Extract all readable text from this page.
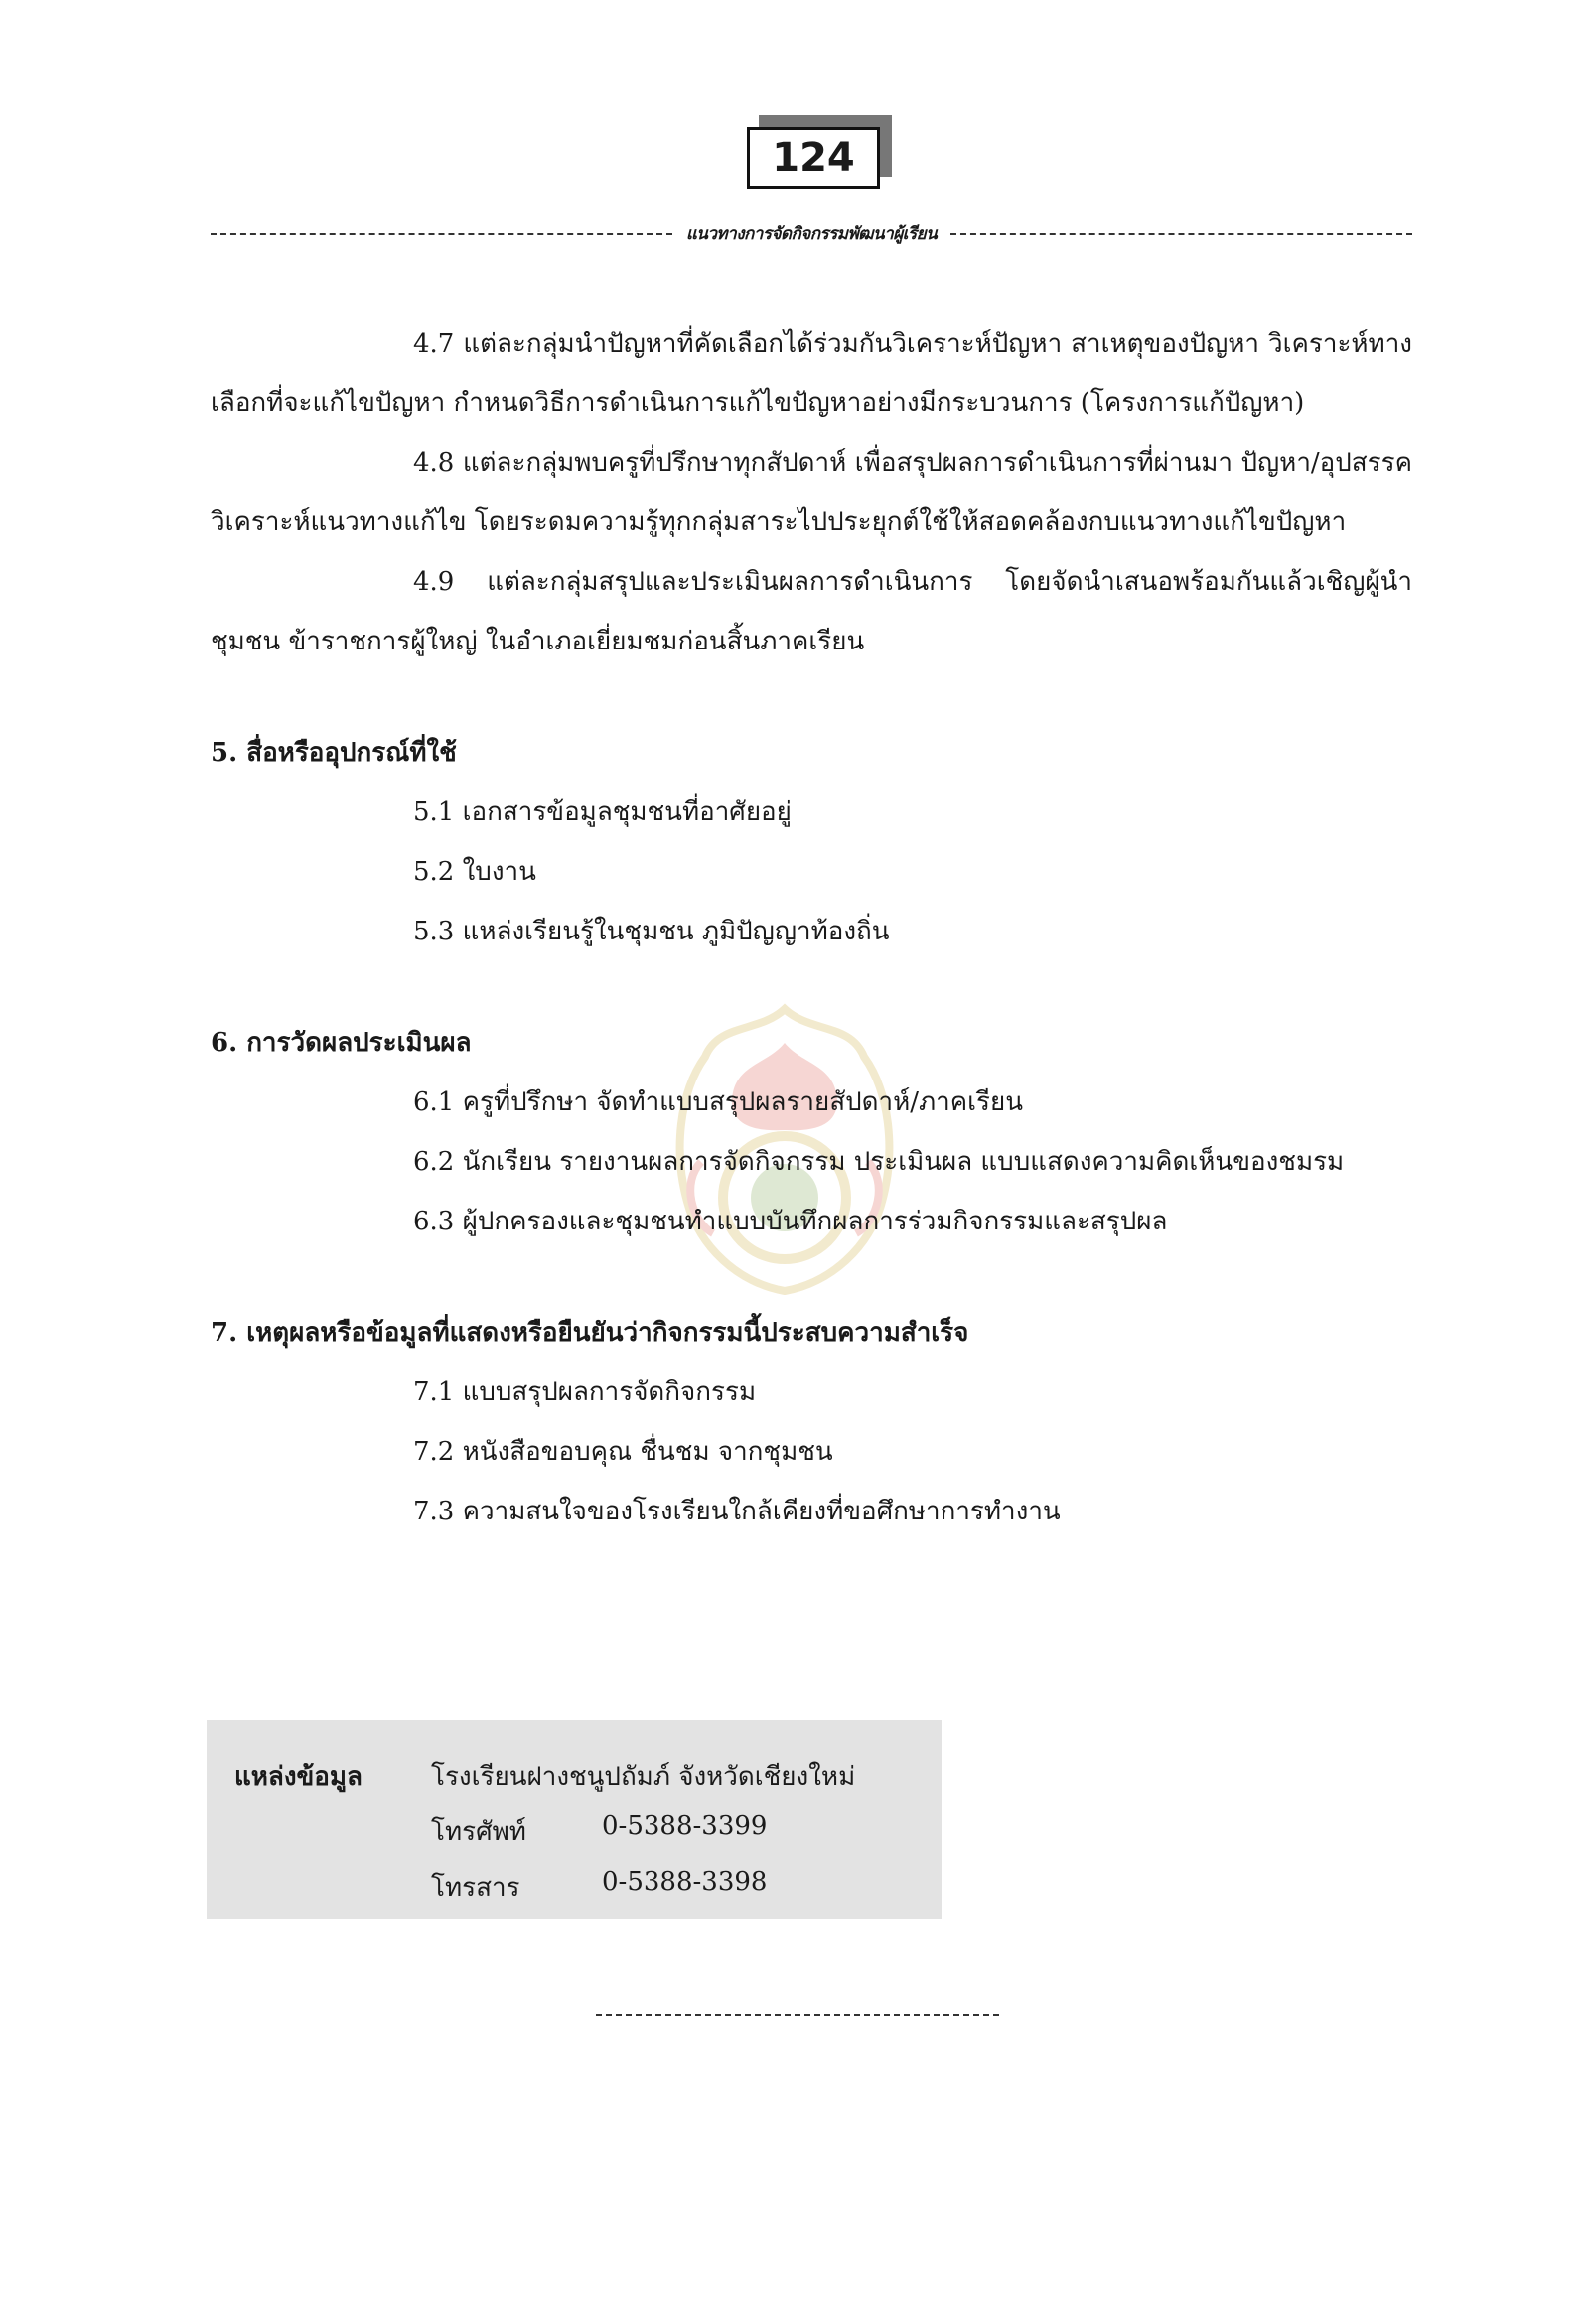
124
แนวทางการจัดกิจกรรมพัฒนาผู้เรียน
4.7 แต่ละกลุ่มนำปัญหาที่คัดเลือกได้ร่วมกันวิเคราะห์ปัญหา สาเหตุของปัญหา วิเคราะห์ทางเลือกที่จะแก้ไขปัญหา กำหนดวิธีการดำเนินการแก้ไขปัญหาอย่างมีกระบวนการ (โครงการแก้ปัญหา)
4.8 แต่ละกลุ่มพบครูที่ปรึกษาทุกสัปดาห์ เพื่อสรุปผลการดำเนินการที่ผ่านมา ปัญหา/อุปสรรค วิเคราะห์แนวทางแก้ไข โดยระดมความรู้ทุกกลุ่มสาระไปประยุกต์ใช้ให้สอดคล้องกบแนวทางแก้ไขปัญหา
4.9 แต่ละกลุ่มสรุปและประเมินผลการดำเนินการ โดยจัดนำเสนอพร้อมกันแล้วเชิญผู้นำชุมชน ข้าราชการผู้ใหญ่ ในอำเภอเยี่ยมชมก่อนสิ้นภาคเรียน
5. สื่อหรืออุปกรณ์ที่ใช้
5.1 เอกสารข้อมูลชุมชนที่อาศัยอยู่
5.2 ใบงาน
5.3 แหล่งเรียนรู้ในชุมชน ภูมิปัญญาท้องถิ่น
6. การวัดผลประเมินผล
6.1 ครูที่ปรึกษา จัดทำแบบสรุปผลรายสัปดาห์/ภาคเรียน
6.2 นักเรียน รายงานผลการจัดกิจกรรม ประเมินผล แบบแสดงความคิดเห็นของชมรม
6.3 ผู้ปกครองและชุมชนทำแบบบันทึกผลการร่วมกิจกรรมและสรุปผล
7. เหตุผลหรือข้อมูลที่แสดงหรือยืนยันว่ากิจกรรมนี้ประสบความสำเร็จ
7.1 แบบสรุปผลการจัดกิจกรรม
7.2 หนังสือขอบคุณ ชื่นชม จากชุมชน
7.3 ความสนใจของโรงเรียนใกล้เคียงที่ขอศึกษาการทำงาน
แหล่งข้อมูล	โรงเรียนฝางชนูปถัมภ์ จังหวัดเชียงใหม่
โทรศัพท์	0-5388-3399
โทรสาร	0-5388-3398
